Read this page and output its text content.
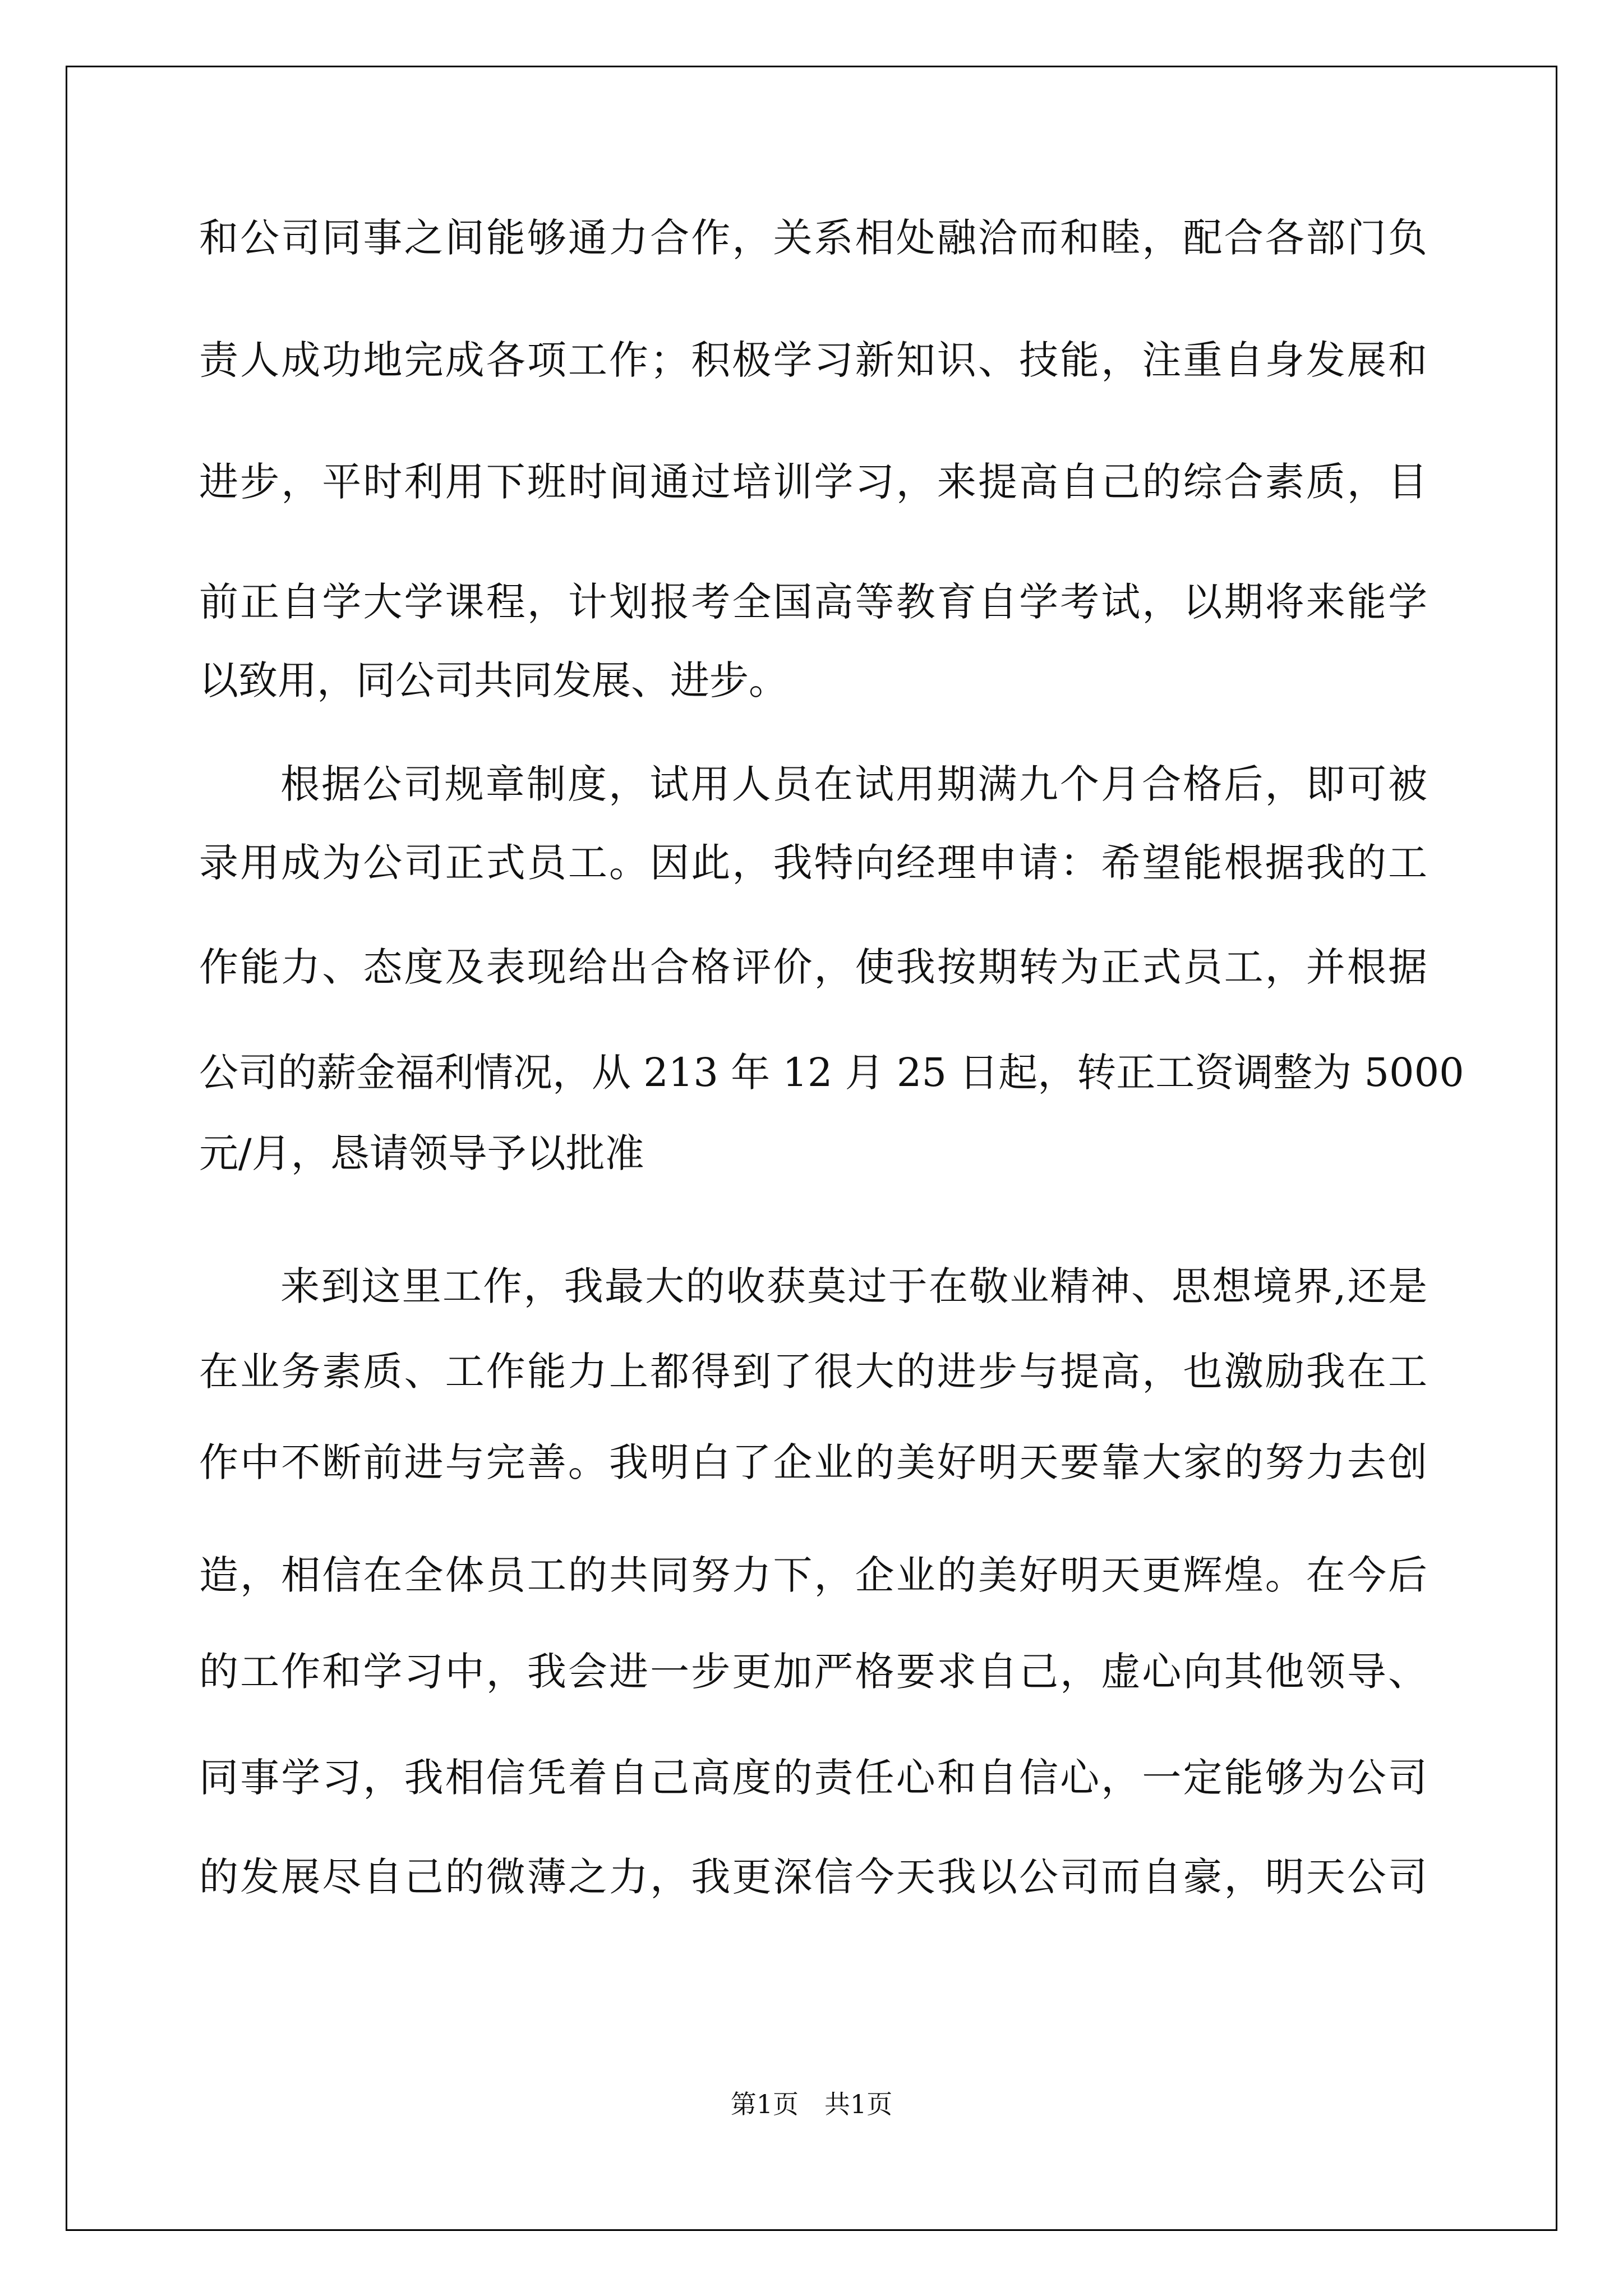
和公司同事之间能够通力合作，关系相处融洽而和睦，配合各部门负
责人成功地完成各项工作；积极学习新知识、技能，注重自身发展和
进步，平时利用下班时间通过培训学习，来提高自己的综合素质，目
前正自学大学课程，计划报考全国高等教育自学考试，以期将来能学
以致用，同公司共同发展、进步。
根据公司规章制度，试用人员在试用期满九个月合格后，即可被
录用成为公司正式员工。因此，我特向经理申请：希望能根据我的工
作能力、态度及表现给出合格评价，使我按期转为正式员工，并根据
公司的薪金福利情况，从 213 年 12 月 25 日起，转正工资调整为 5000
元/月，恳请领导予以批准
来到这里工作，我最大的收获莫过于在敬业精神、思想境界,还是
在业务素质、工作能力上都得到了很大的进步与提高，也激励我在工
作中不断前进与完善。我明白了企业的美好明天要靠大家的努力去创
造，相信在全体员工的共同努力下，企业的美好明天更辉煌。在今后
的工作和学习中，我会进一步更加严格要求自己，虚心向其他领导、
同事学习，我相信凭着自己高度的责任心和自信心，一定能够为公司
的发展尽自己的微薄之力，我更深信今天我以公司而自豪，明天公司
第1页　共1页
